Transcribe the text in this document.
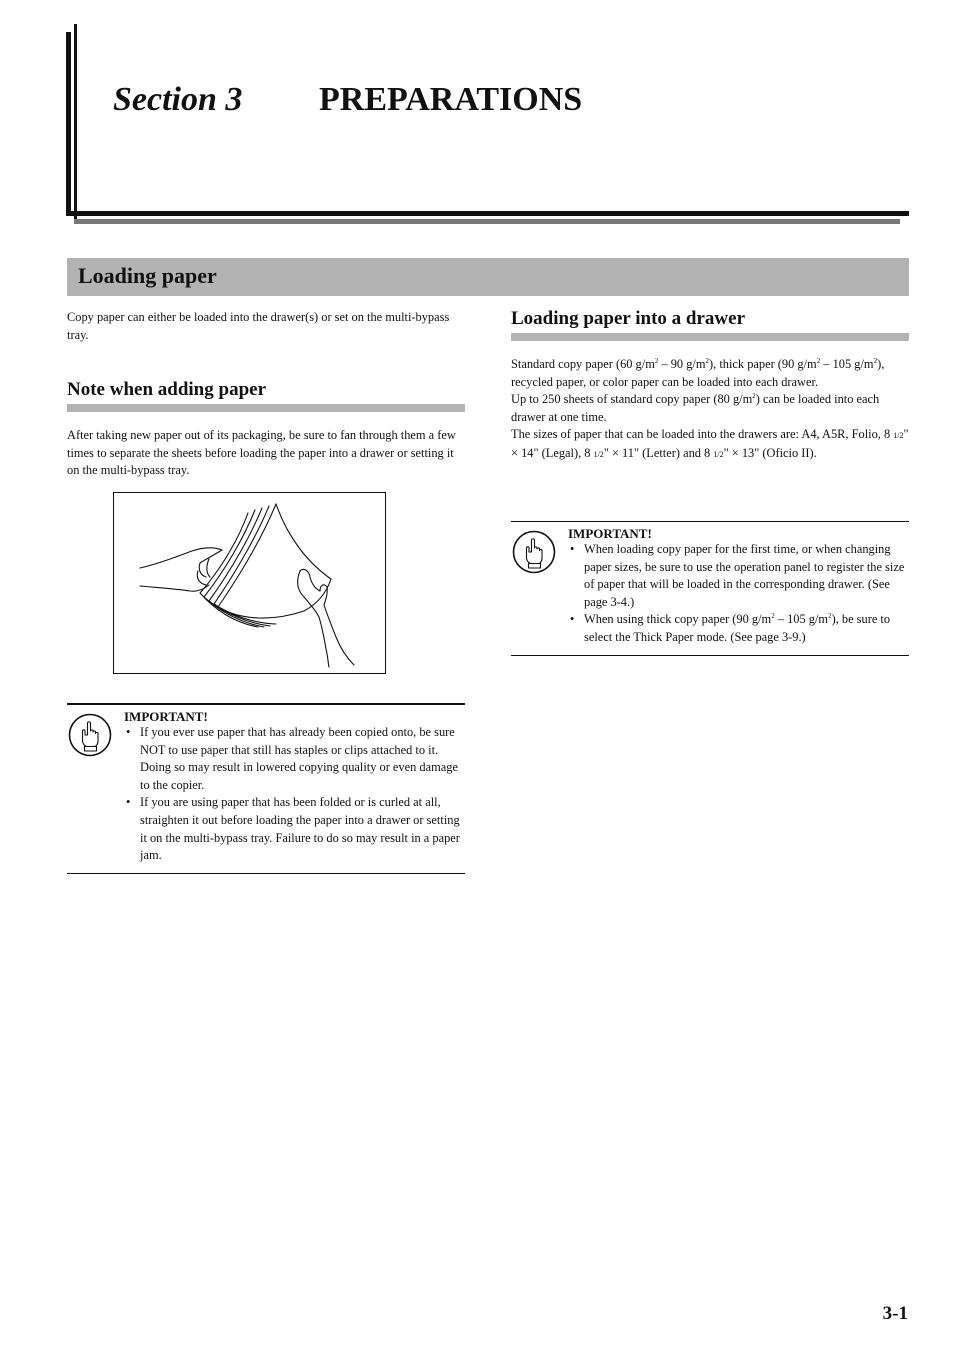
Section 3 PREPARATIONS
Loading paper

Copy paper can either be loaded into the drawer(s) or set on the multi-bypass tray.

Note when adding paper

After taking new paper out of its packaging, be sure to fan through them a few times to separate the sheets before loading the paper into a drawer or setting it on the multi-bypass tray.

IMPORTANT!

• If you ever use paper that has already been copied onto, be sure NOT to use paper that still has staples or clips attached to it. Doing so may result in lowered copying quality or even damage to the copier.
• If you are using paper that has been folded or is curled at all, straighten it out before loading the paper into a drawer or setting it on the multi-bypass tray. Failure to do so may result in a paper jam.
Loading paper into a drawer

Standard copy paper (60 $g/m^2 - 90$ $g/m^2$), thick paper (90 $g/m^2 - 105$ $g/m^2$), recycled paper, or color paper can be loaded into each drawer.

Up to 250 sheets of standard copy paper (80 $g/m^2$) can be loaded into each drawer at one time.

The sizes of paper that can be loaded into the drawers are: A4, A5R, Folio, 8 1/2" × 14" (Legal), 8 1/2" × 11" (Letter) and 8 1/2" × 13" (Oficio II).

IMPORTANT!

• When loading copy paper for the first time, or when changing paper sizes, be sure to use the operation panel to register the size of paper that will be loaded in the corresponding drawer. (See page 3-4.)
• When using thick copy paper (90 $g/m^2 - 105$ $g/m^2$), be sure to select the Thick Paper mode. (See page 3-9.)

3-1
